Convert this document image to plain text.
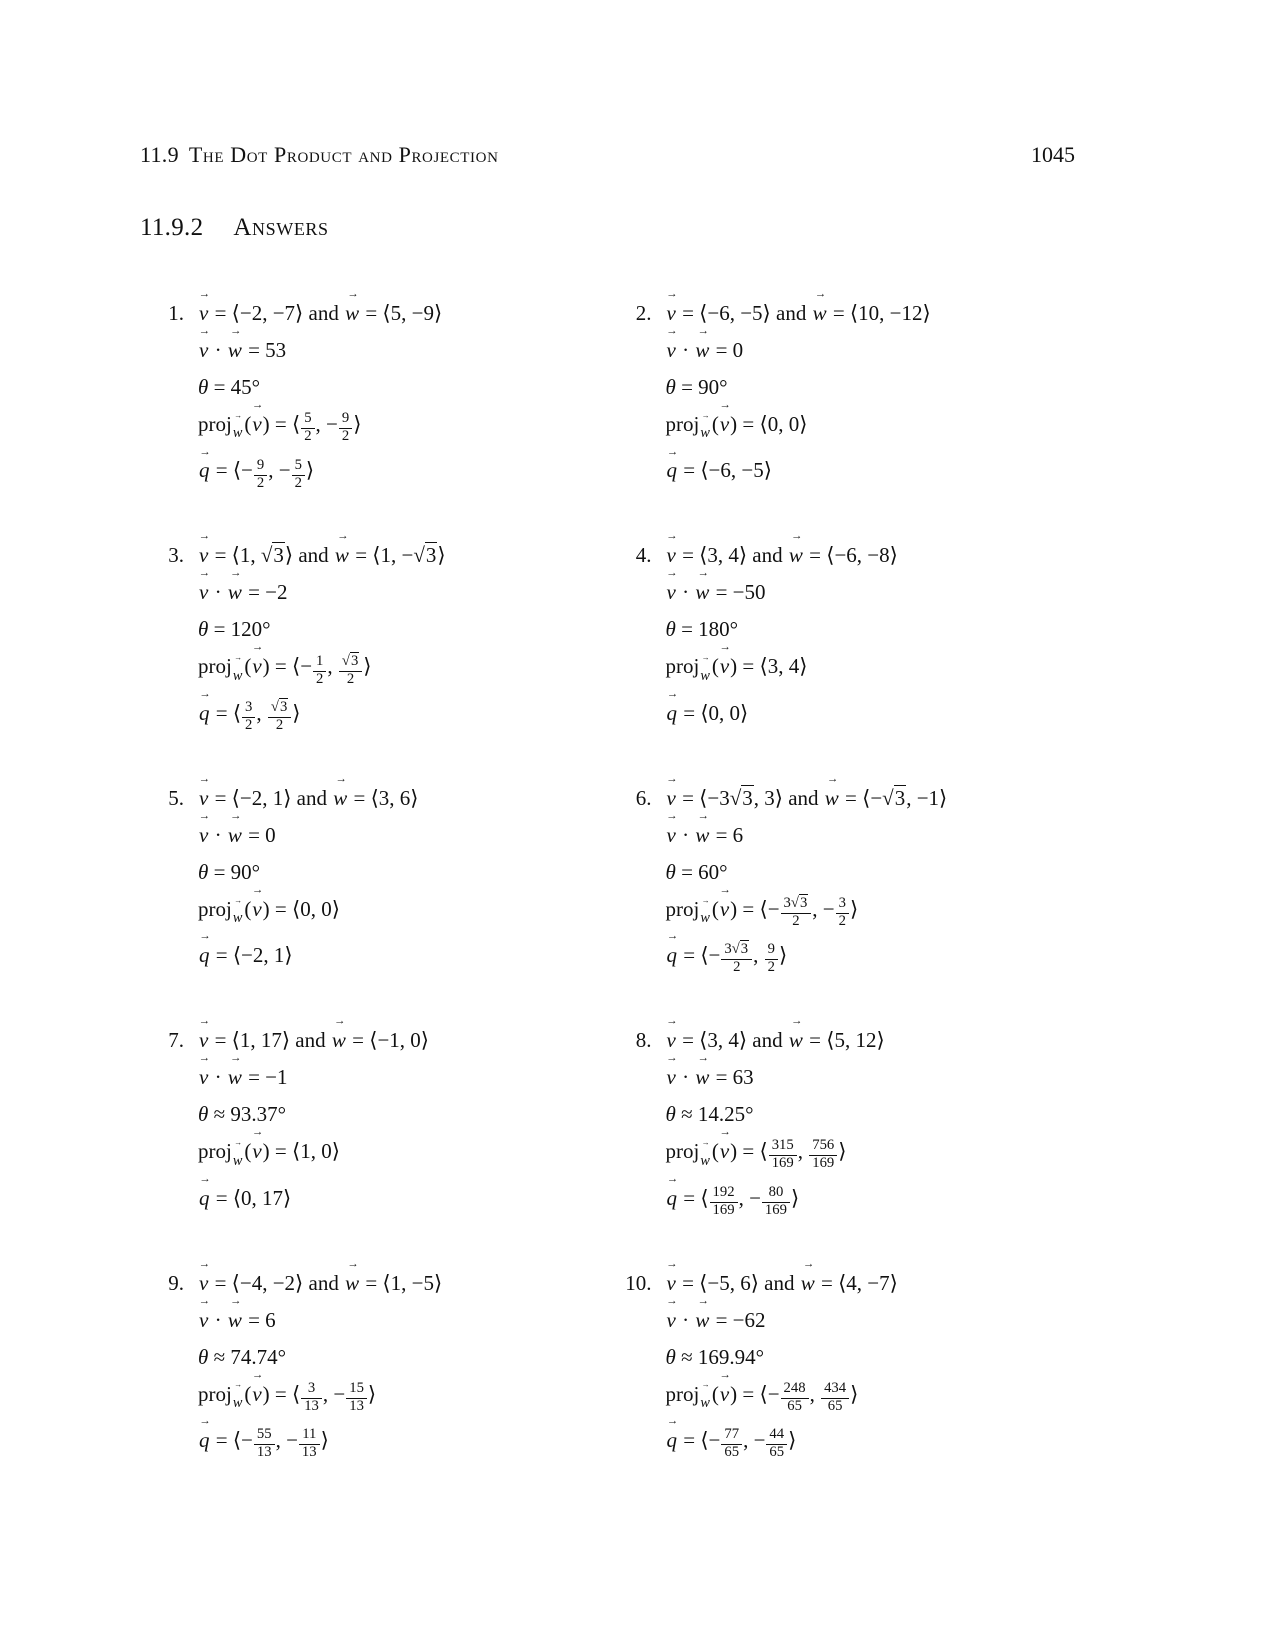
11.9 The Dot Product and Projection	1045
11.9.2 Answers
1. v
→
= ⟨−2, −7⟩ and w
→
= ⟨5, −9⟩
v
→
· w
→
= 53
θ = 45°
proj$_{w \to}$ (v
→
) = ⟨ $\frac{5}{2}$ , − $\frac{9}{2}$ ⟩
q
→
= ⟨− $\frac{9}{2}$ , − $\frac{5}{2}$ ⟩
2. v
→
= ⟨−6, −5⟩ and w
→
= ⟨10, −12⟩
v
→
· w
→
= 0
θ = 90°
proj$_{w \to}$ (v
→
) = ⟨0, 0⟩
q
→
= ⟨−6, −5⟩
3. v
→
= ⟨1, √3⟩ and w
→
= ⟨1, −√3⟩
v
→
· w
→
= −2
θ = 120°
proj$_{w \to}$ (v
→
) = ⟨− $\frac{1}{2}$ , $\frac{√3}{2}$ ⟩
q
→
= ⟨ $\frac{3}{2}$ , $\frac{√3}{2}$ ⟩
4. v
→
= ⟨3, 4⟩ and w
→
= ⟨−6, −8⟩
v
→
· w
→
= −50
θ = 180°
proj$_{w \to}$ (v
→
) = ⟨3, 4⟩
q
→
= ⟨0, 0⟩
5. v
→
= ⟨−2, 1⟩ and w
→
= ⟨3, 6⟩
v
→
· w
→
= 0
θ = 90°
proj$_{w \to}$ (v
→
) = ⟨0, 0⟩
q
→
= ⟨−2, 1⟩
6. v
→
= ⟨−3√3, 3⟩ and w
→
= ⟨−√3, −1⟩
v
→
· w
→
= 6
θ = 60°
proj$_{w \to}$ (v
→
) = ⟨− $\frac{3√3}{2}$ , − $\frac{3}{2}$ ⟩
q
→
= ⟨− $\frac{3√3}{2}$ , $\frac{9}{2}$ ⟩
7. v
→
= ⟨1, 17⟩ and w
→
= ⟨−1, 0⟩
v
→
· w
→
= −1
θ ≈ 93.37°
proj$_{w \to}$ (v
→
) = ⟨1, 0⟩
q
→
= ⟨0, 17⟩
8. v
→
= ⟨3, 4⟩ and w
→
= ⟨5, 12⟩
v
→
· w
→
= 63
θ ≈ 14.25°
proj$_{w \to}$ (v
→
) = ⟨ $\frac{315}{169}$ , $\frac{756}{169}$ ⟩
q
→
= ⟨ $\frac{192}{169}$ , − $\frac{80}{169}$ ⟩
9. v
→
= ⟨−4, −2⟩ and w
→
= ⟨1, −5⟩
v
→
· w
→
= 6
θ ≈ 74.74°
proj$_{w \to}$ (v
→
) = ⟨ $\frac{3}{13}$ , − $\frac{15}{13}$ ⟩
q
→
= ⟨− $\frac{55}{13}$ , − $\frac{11}{13}$ ⟩
10. v
→
= ⟨−5, 6⟩ and w
→
= ⟨4, −7⟩
v
→
· w
→
= −62
θ ≈ 169.94°
proj$_{w \to}$ (v
→
) = ⟨− $\frac{248}{65}$ , $\frac{434}{65}$ ⟩
q
→
= ⟨− $\frac{77}{65}$ , − $\frac{44}{65}$ ⟩
